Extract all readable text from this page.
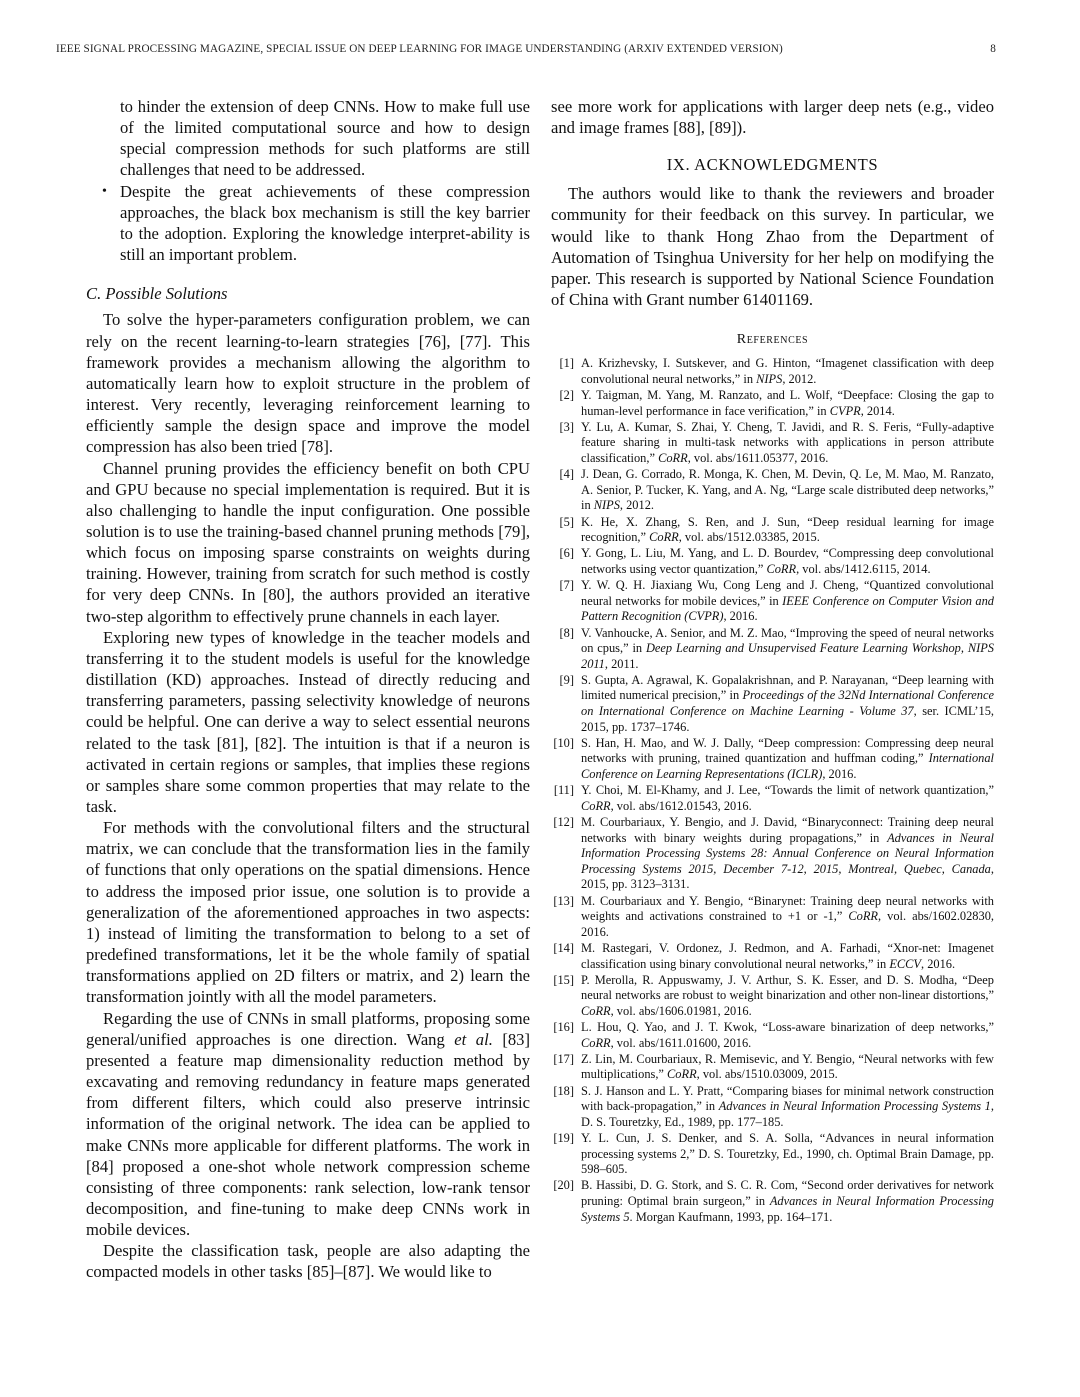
IEEE SIGNAL PROCESSING MAGAZINE, SPECIAL ISSUE ON DEEP LEARNING FOR IMAGE UNDERSTANDING (ARXIV EXTENDED VERSION)	8
to hinder the extension of deep CNNs. How to make full use of the limited computational source and how to design special compression methods for such platforms are still challenges that need to be addressed.
• Despite the great achievements of these compression approaches, the black box mechanism is still the key barrier to the adoption. Exploring the knowledge interpret-ability is still an important problem.
C. Possible Solutions

To solve the hyper-parameters configuration problem, we can rely on the recent learning-to-learn strategies [76], [77]. This framework provides a mechanism allowing the algorithm to automatically learn how to exploit structure in the problem of interest. Very recently, leveraging reinforcement learning to efficiently sample the design space and improve the model compression has also been tried [78].

Channel pruning provides the efficiency benefit on both CPU and GPU because no special implementation is required. But it is also challenging to handle the input configuration. One possible solution is to use the training-based channel pruning methods [79], which focus on imposing sparse constraints on weights during training. However, training from scratch for such method is costly for very deep CNNs. In [80], the authors provided an iterative two-step algorithm to effectively prune channels in each layer.

Exploring new types of knowledge in the teacher models and transferring it to the student models is useful for the knowledge distillation (KD) approaches. Instead of directly reducing and transferring parameters, passing selectivity knowledge of neurons could be helpful. One can derive a way to select essential neurons related to the task [81], [82]. The intuition is that if a neuron is activated in certain regions or samples, that implies these regions or samples share some common properties that may relate to the task.

For methods with the convolutional filters and the structural matrix, we can conclude that the transformation lies in the family of functions that only operations on the spatial dimensions. Hence to address the imposed prior issue, one solution is to provide a generalization of the aforementioned approaches in two aspects: 1) instead of limiting the transformation to belong to a set of predefined transformations, let it be the whole family of spatial transformations applied on 2D filters or matrix, and 2) learn the transformation jointly with all the model parameters.

Regarding the use of CNNs in small platforms, proposing some general/unified approaches is one direction. Wang et al. [83] presented a feature map dimensionality reduction method by excavating and removing redundancy in feature maps generated from different filters, which could also preserve intrinsic information of the original network. The idea can be applied to make CNNs more applicable for different platforms. The work in [84] proposed a one-shot whole network compression scheme consisting of three components: rank selection, low-rank tensor decomposition, and fine-tuning to make deep CNNs work in mobile devices.

Despite the classification task, people are also adapting the compacted models in other tasks [85]–[87]. We would like to

see more work for applications with larger deep nets (e.g., video and image frames [88], [89]).

IX. ACKNOWLEDGMENTS

The authors would like to thank the reviewers and broader community for their feedback on this survey. In particular, we would like to thank Hong Zhao from the Department of Automation of Tsinghua University for her help on modifying the paper. This research is supported by National Science Foundation of China with Grant number 61401169.

References
[1] A. Krizhevsky, I. Sutskever, and G. Hinton, “Imagenet classification with deep convolutional neural networks,” in NIPS, 2012.
[2] Y. Taigman, M. Yang, M. Ranzato, and L. Wolf, “Deepface: Closing the gap to human-level performance in face verification,” in CVPR, 2014.
[3] Y. Lu, A. Kumar, S. Zhai, Y. Cheng, T. Javidi, and R. S. Feris, “Fully-adaptive feature sharing in multi-task networks with applications in person attribute classification,” CoRR, vol. abs/1611.05377, 2016.
[4] J. Dean, G. Corrado, R. Monga, K. Chen, M. Devin, Q. Le, M. Mao, M. Ranzato, A. Senior, P. Tucker, K. Yang, and A. Ng, “Large scale distributed deep networks,” in NIPS, 2012.
[5] K. He, X. Zhang, S. Ren, and J. Sun, “Deep residual learning for image recognition,” CoRR, vol. abs/1512.03385, 2015.
[6] Y. Gong, L. Liu, M. Yang, and L. D. Bourdev, “Compressing deep convolutional networks using vector quantization,” CoRR, vol. abs/1412.6115, 2014.
[7] Y. W. Q. H. Jiaxiang Wu, Cong Leng and J. Cheng, “Quantized convolutional neural networks for mobile devices,” in IEEE Conference on Computer Vision and Pattern Recognition (CVPR), 2016.
[8] V. Vanhoucke, A. Senior, and M. Z. Mao, “Improving the speed of neural networks on cpus,” in Deep Learning and Unsupervised Feature Learning Workshop, NIPS 2011, 2011.
[9] S. Gupta, A. Agrawal, K. Gopalakrishnan, and P. Narayanan, “Deep learning with limited numerical precision,” in Proceedings of the 32Nd International Conference on International Conference on Machine Learning - Volume 37, ser. ICML’15, 2015, pp. 1737–1746.
[10] S. Han, H. Mao, and W. J. Dally, “Deep compression: Compressing deep neural networks with pruning, trained quantization and huffman coding,” International Conference on Learning Representations (ICLR), 2016.
[11] Y. Choi, M. El-Khamy, and J. Lee, “Towards the limit of network quantization,” CoRR, vol. abs/1612.01543, 2016.
[12] M. Courbariaux, Y. Bengio, and J. David, “Binaryconnect: Training deep neural networks with binary weights during propagations,” in Advances in Neural Information Processing Systems 28: Annual Conference on Neural Information Processing Systems 2015, December 7-12, 2015, Montreal, Quebec, Canada, 2015, pp. 3123–3131.
[13] M. Courbariaux and Y. Bengio, “Binarynet: Training deep neural networks with weights and activations constrained to +1 or -1,” CoRR, vol. abs/1602.02830, 2016.
[14] M. Rastegari, V. Ordonez, J. Redmon, and A. Farhadi, “Xnor-net: Imagenet classification using binary convolutional neural networks,” in ECCV, 2016.
[15] P. Merolla, R. Appuswamy, J. V. Arthur, S. K. Esser, and D. S. Modha, “Deep neural networks are robust to weight binarization and other non-linear distortions,” CoRR, vol. abs/1606.01981, 2016.
[16] L. Hou, Q. Yao, and J. T. Kwok, “Loss-aware binarization of deep networks,” CoRR, vol. abs/1611.01600, 2016.
[17] Z. Lin, M. Courbariaux, R. Memisevic, and Y. Bengio, “Neural networks with few multiplications,” CoRR, vol. abs/1510.03009, 2015.
[18] S. J. Hanson and L. Y. Pratt, “Comparing biases for minimal network construction with back-propagation,” in Advances in Neural Information Processing Systems 1, D. S. Touretzky, Ed., 1989, pp. 177–185.
[19] Y. L. Cun, J. S. Denker, and S. A. Solla, “Advances in neural information processing systems 2,” D. S. Touretzky, Ed., 1990, ch. Optimal Brain Damage, pp. 598–605.
[20] B. Hassibi, D. G. Stork, and S. C. R. Com, “Second order derivatives for network pruning: Optimal brain surgeon,” in Advances in Neural Information Processing Systems 5. Morgan Kaufmann, 1993, pp. 164–171.
